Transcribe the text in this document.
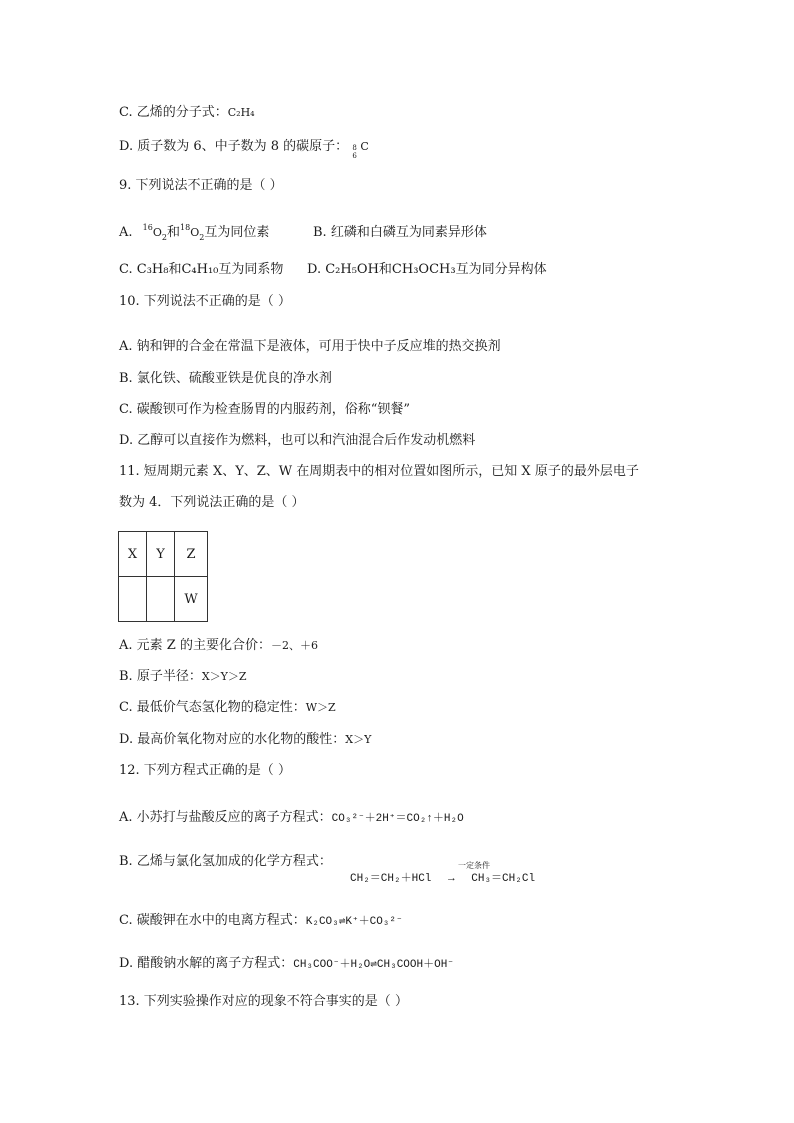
C. 乙烯的分子式：C₂H₄
D. 质子数为 6、中子数为 8 的碳原子： 8
6
C
9. 下列说法不正确的是（ ）
A. $^{16}O_2$和$^{18}O_2$互为同位素	B. 红磷和白磷互为同素异形体
C. C₃H₈和C₄H₁₀互为同系物 D. C₂H₅OH和CH₃OCH₃互为同分异构体
10. 下列说法不正确的是（ ）
A. 钠和钾的合金在常温下是液体，可用于快中子反应堆的热交换剂
B. 氯化铁、硫酸亚铁是优良的净水剂
C. 碳酸钡可作为检查肠胃的内服药剂，俗称“钡餐”
D. 乙醇可以直接作为燃料，也可以和汽油混合后作发动机燃料
11. 短周期元素 X、Y、Z、W 在周期表中的相对位置如图所示，已知 X 原子的最外层电子
数为 4．下列说法正确的是（ ）
X	Y	Z
		W
A. 元素 Z 的主要化合价：－2、＋6
B. 原子半径：X＞Y＞Z
C. 最低价气态氢化物的稳定性：W＞Z
D. 最高价氧化物对应的水化物的酸性：X＞Y
12. 下列方程式正确的是（ ）
A. 小苏打与盐酸反应的离子方程式：CO₃²⁻＋2H⁺＝CO₂↑＋H₂O
B. 乙烯与氯化氢加成的化学方程式：	一定条件
CH₂＝CH₂＋HCl → CH₃＝CH₂Cl
C. 碳酸钾在水中的电离方程式：K₂CO₃⇌K⁺＋CO₃²⁻
D. 醋酸钠水解的离子方程式：CH₃COO⁻＋H₂O⇌CH₃COOH＋OH⁻
13. 下列实验操作对应的现象不符合事实的是（ ）
